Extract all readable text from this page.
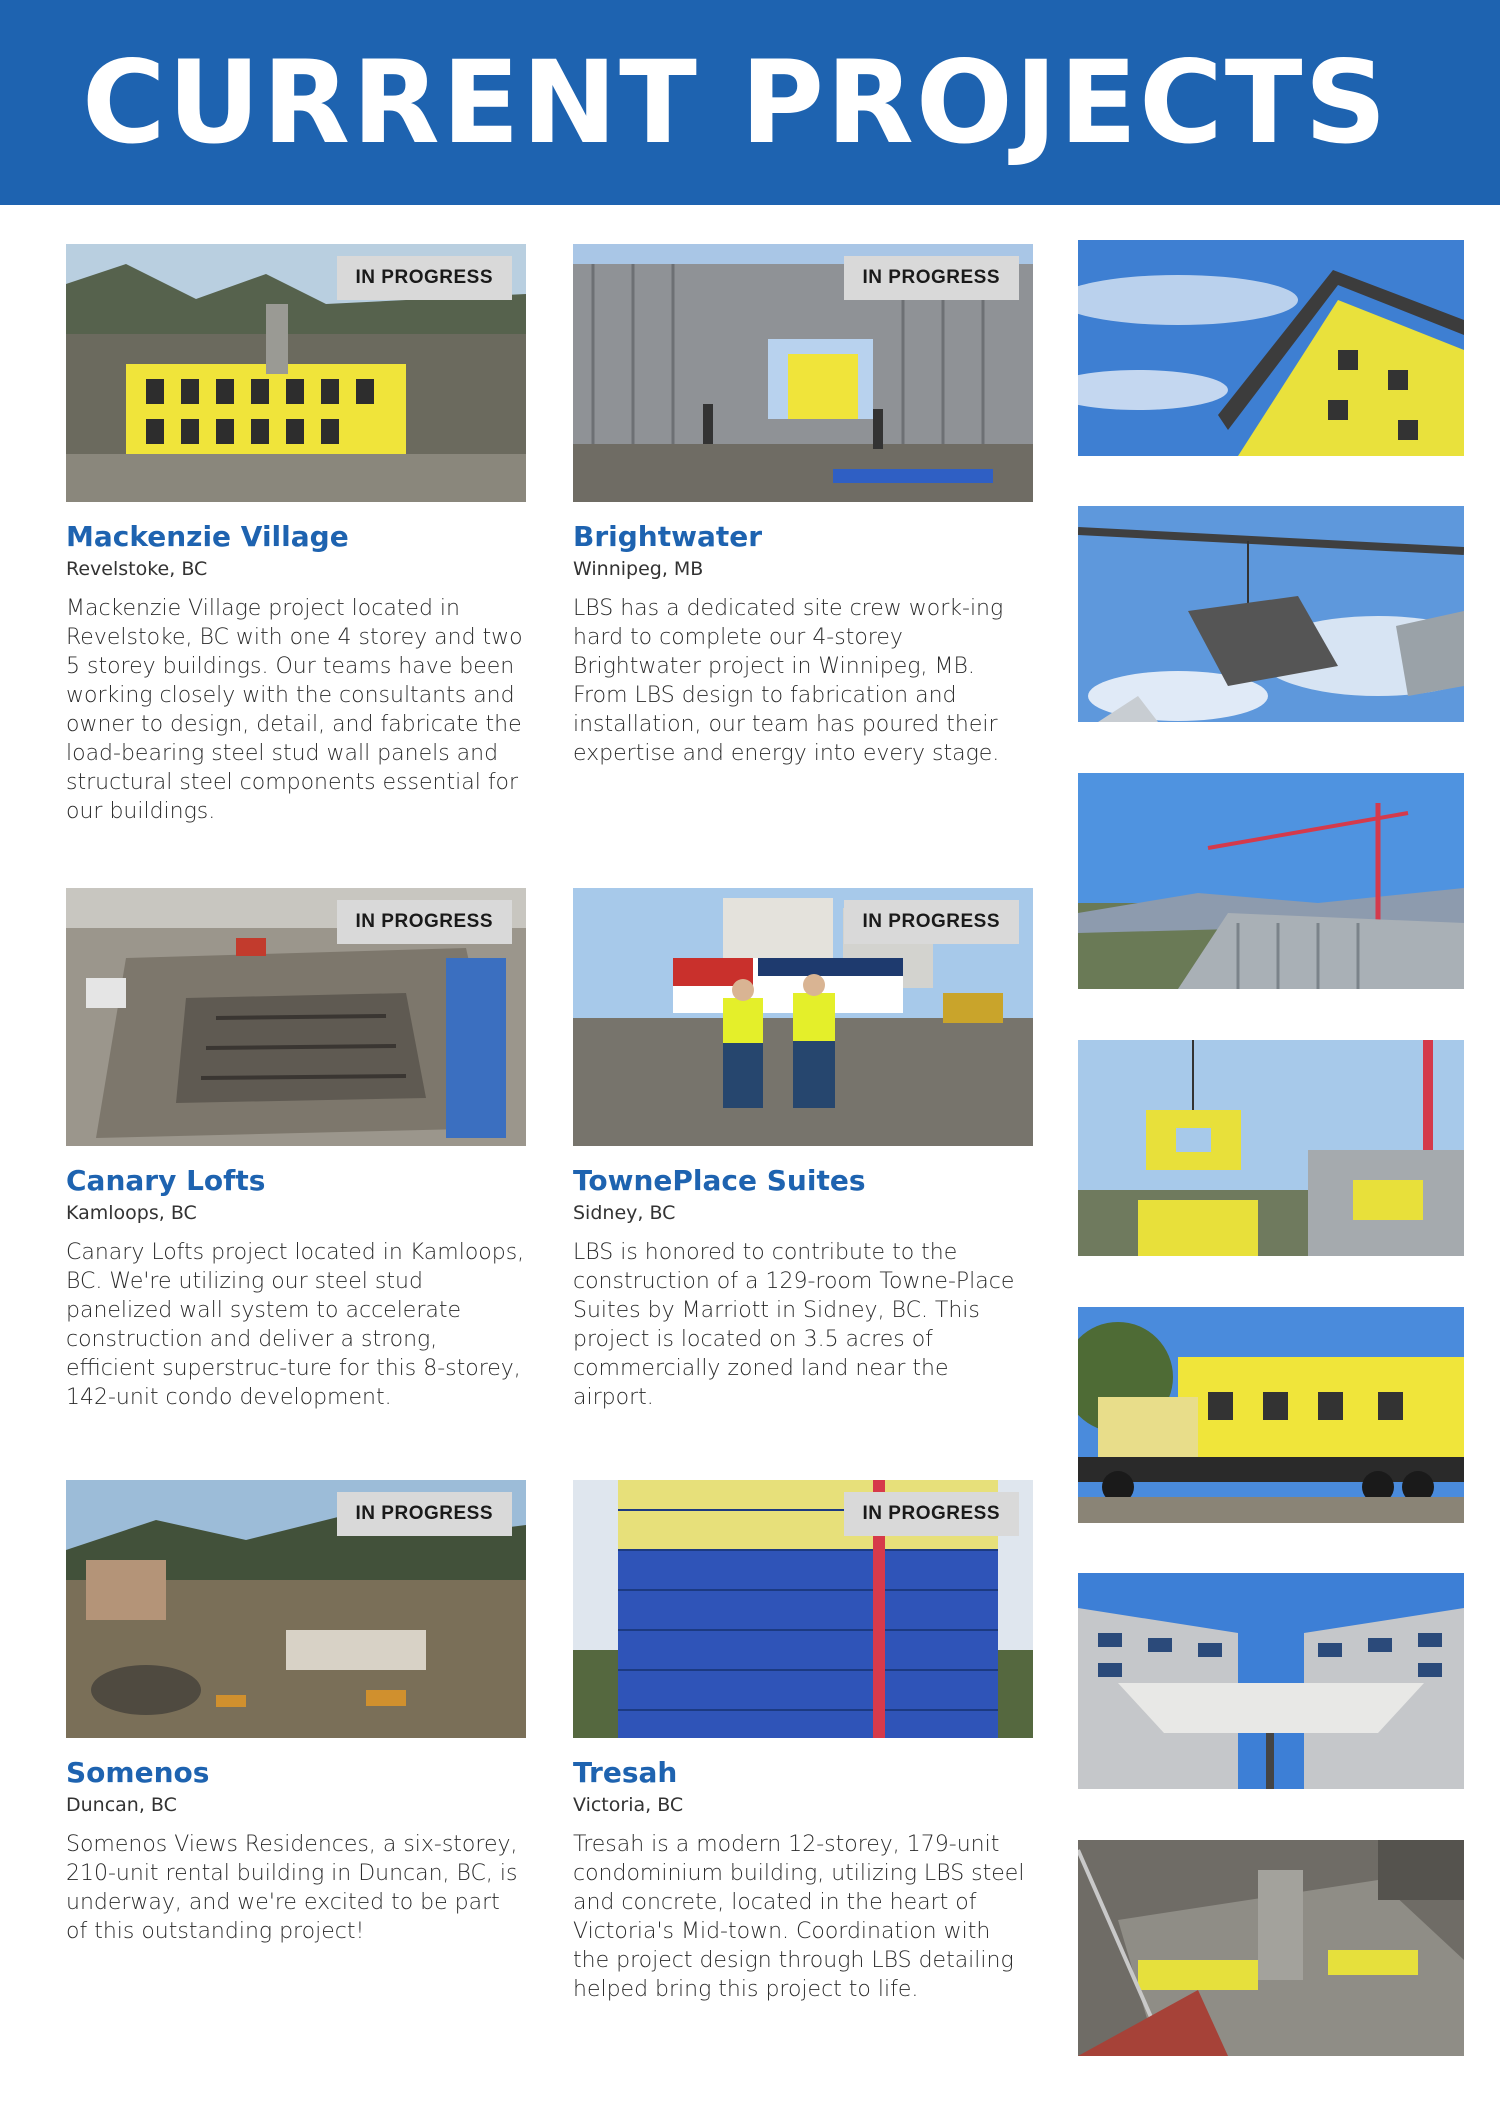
CURRENT PROJECTS
IN PROGRESS
Mackenzie Village
Revelstoke, BC

Mackenzie Village project located in Revelstoke, BC with one 4 storey and two 5 storey buildings. Our teams have been working closely with the consultants and owner to design, detail, and fabricate the load-bearing steel stud wall panels and structural steel components essential for our buildings.

IN PROGRESS
Brightwater
Winnipeg, MB

LBS has a dedicated site crew work-ing hard to complete our 4-storey Brightwater project in Winnipeg, MB. From LBS design to fabrication and installation, our team has poured their expertise and energy into every stage.

IN PROGRESS
Canary Lofts
Kamloops, BC

Canary Lofts project located in Kamloops, BC. We're utilizing our steel stud panelized wall system to accelerate construction and deliver a strong, efficient superstruc-ture for this 8-storey, 142-unit condo development.

IN PROGRESS
TownePlace Suites
Sidney, BC

LBS is honored to contribute to the construction of a 129-room Towne-Place Suites by Marriott in Sidney, BC. This project is located on 3.5 acres of commercially zoned land near the airport.

IN PROGRESS
Somenos
Duncan, BC

Somenos Views Residences, a six-storey, 210-unit rental building in Duncan, BC, is underway, and we're excited to be part of this outstanding project!

IN PROGRESS
Tresah
Victoria, BC

Tresah is a modern 12-storey, 179-unit condominium building, utilizing LBS steel and concrete, located in the heart of Victoria's Mid-town. Coordination with the project design through LBS detailing helped bring this project to life.
